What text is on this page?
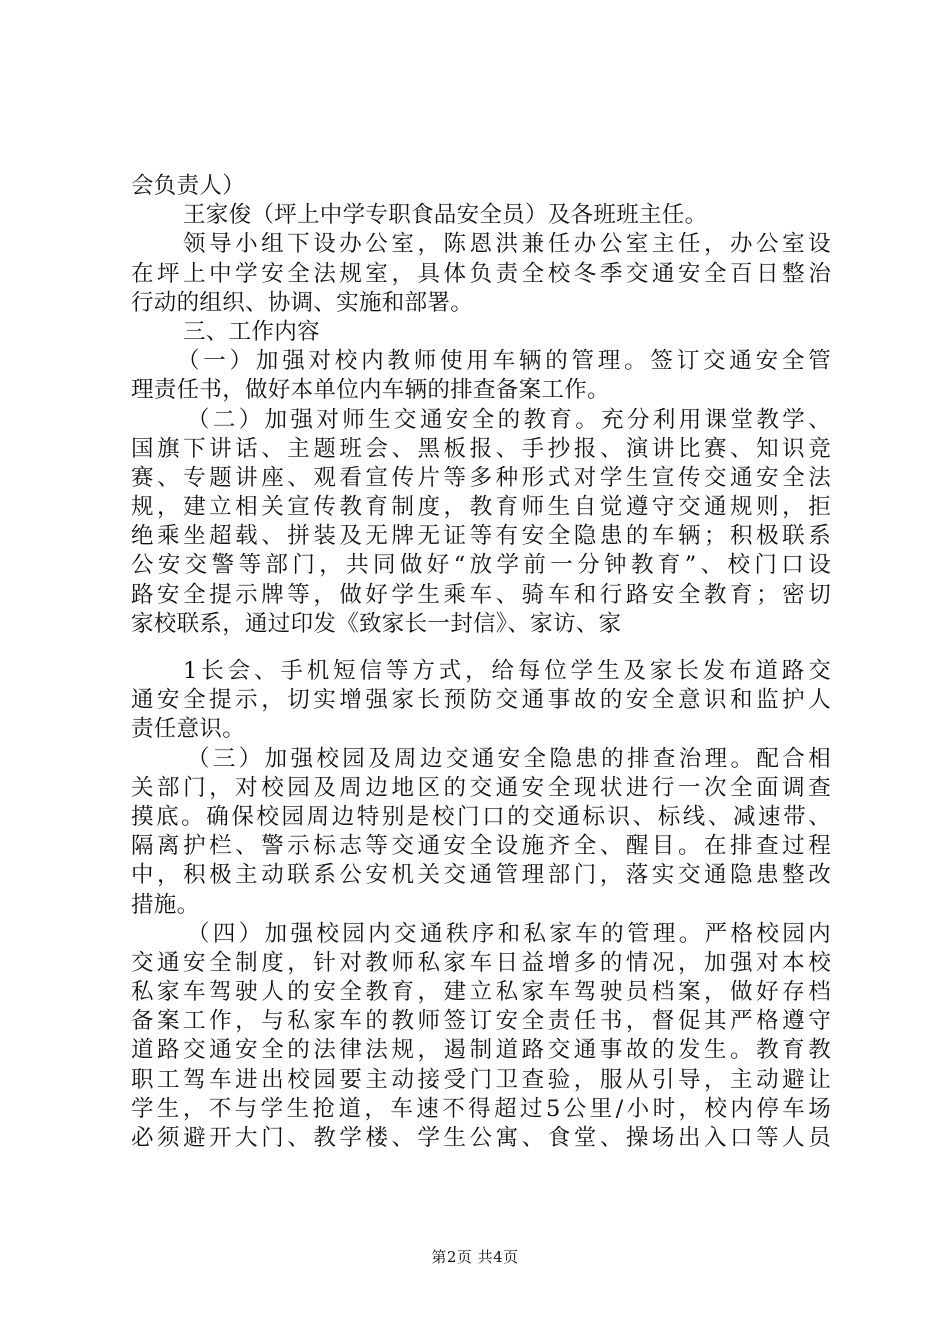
会负责人）
王家俊（坪上中学专职食品安全员）及各班班主任。
领导小组下设办公室，陈恩洪兼任办公室主任，办公室设
在坪上中学安全法规室，具体负责全校冬季交通安全百日整治
行动的组织、协调、实施和部署。
三、工作内容
（一）加强对校内教师使用车辆的管理。签订交通安全管
理责任书，做好本单位内车辆的排查备案工作。
（二）加强对师生交通安全的教育。充分利用课堂教学、
国旗下讲话、主题班会、黑板报、手抄报、演讲比赛、知识竞
赛、专题讲座、观看宣传片等多种形式对学生宣传交通安全法
规，建立相关宣传教育制度，教育师生自觉遵守交通规则，拒
绝乘坐超载、拼装及无牌无证等有安全隐患的车辆；积极联系
公安交警等部门，共同做好“放学前一分钟教育”、校门口设
路安全提示牌等，做好学生乘车、骑车和行路安全教育；密切
家校联系，通过印发《致家长一封信》、家访、家
1长会、手机短信等方式，给每位学生及家长发布道路交
通安全提示，切实增强家长预防交通事故的安全意识和监护人
责任意识。
（三）加强校园及周边交通安全隐患的排查治理。配合相
关部门，对校园及周边地区的交通安全现状进行一次全面调查
摸底。确保校园周边特别是校门口的交通标识、标线、减速带、
隔离护栏、警示标志等交通安全设施齐全、醒目。在排查过程
中，积极主动联系公安机关交通管理部门，落实交通隐患整改
措施。
（四）加强校园内交通秩序和私家车的管理。严格校园内
交通安全制度，针对教师私家车日益增多的情况，加强对本校
私家车驾驶人的安全教育，建立私家车驾驶员档案，做好存档
备案工作，与私家车的教师签订安全责任书，督促其严格遵守
道路交通安全的法律法规，遏制道路交通事故的发生。教育教
职工驾车进出校园要主动接受门卫查验，服从引导，主动避让
学生，不与学生抢道，车速不得超过5公里/小时，校内停车场
必须避开大门、教学楼、学生公寓、食堂、操场出入口等人员
第2页 共4页
